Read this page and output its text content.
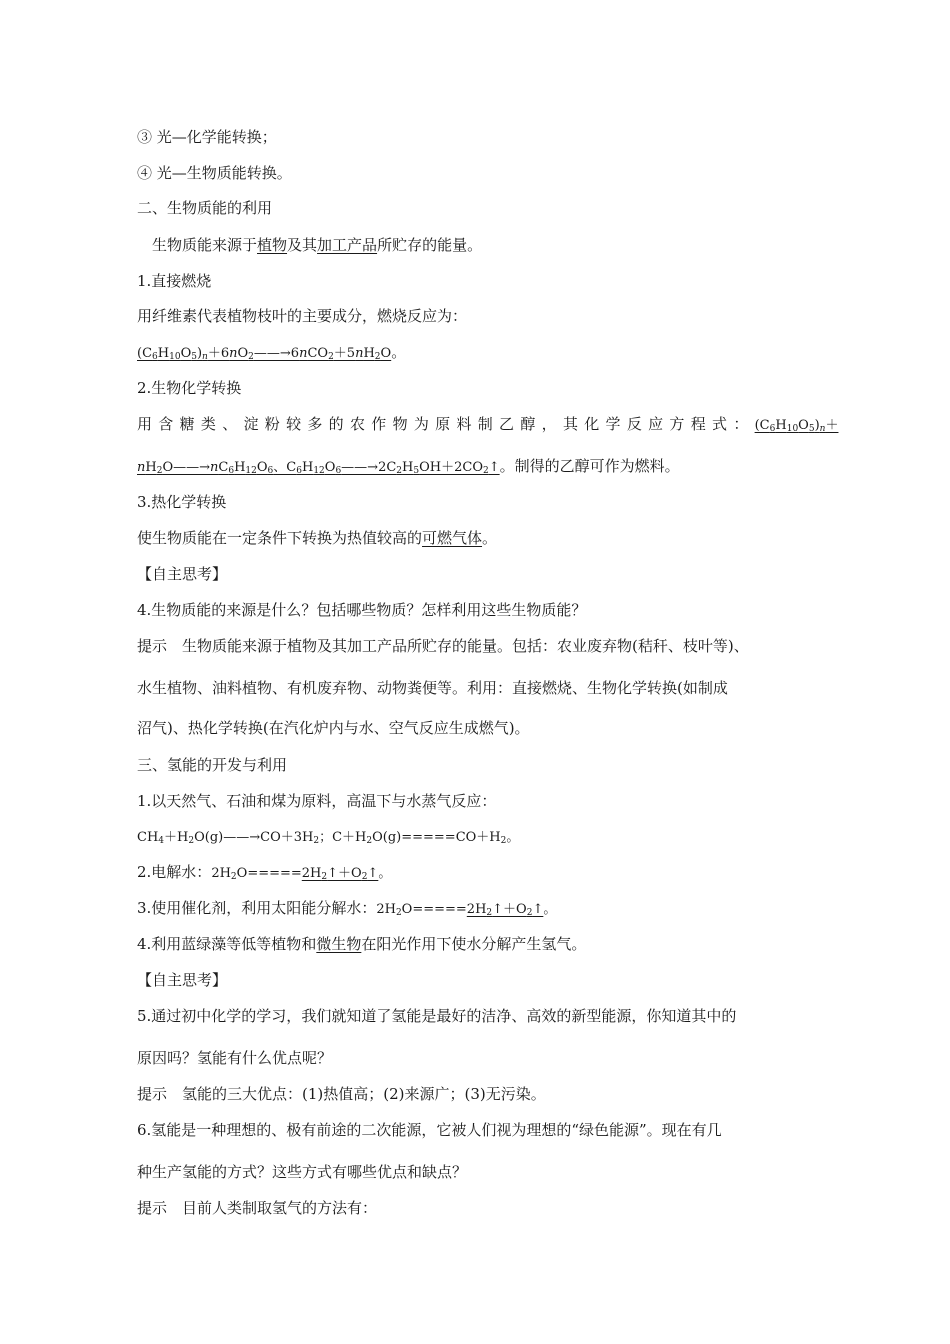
③ 光—化学能转换；
④ 光—生物质能转换。
二、生物质能的利用
生物质能来源于植物及其加工产品所贮存的能量。
1.直接燃烧
用纤维素代表植物枝叶的主要成分，燃烧反应为：
$(C_6H_{10}O_5)_n+6nO_2——\to 6nCO_2+5nH_2O$。
2.生物化学转换
用 含 糖 类 、 淀 粉 较 多 的 农 作 物 为 原 料 制 乙 醇 ， 其 化 学 反 应 方 程 式 ： $(C_6H_{10}O_5)_n+$
$nH_2O——\to nC_6H_{12}O_6$、$C_6H_{12}O_6——\to 2C_2H_5OH+2CO_2↑$。制得的乙醇可作为燃料。
3.热化学转换
使生物质能在一定条件下转换为热值较高的可燃气体。
【自主思考】
4.生物质能的来源是什么？包括哪些物质？怎样利用这些生物质能？
提示　生物质能来源于植物及其加工产品所贮存的能量。包括：农业废弃物(秸秆、枝叶等)、
水生植物、油料植物、有机废弃物、动物粪便等。利用：直接燃烧、生物化学转换(如制成
沼气)、热化学转换(在汽化炉内与水、空气反应生成燃气)。
三、氢能的开发与利用
1.以天然气、石油和煤为原料，高温下与水蒸气反应：
$CH_4+H_2O(g)——\to CO+3H_2$；$C+H_2O(g)=====CO+H_2$。
2.电解水：$2H_2O=====2H_2↑+O_2↑$。
3.使用催化剂，利用太阳能分解水：$2H_2O=====2H_2↑+O_2↑$。
4.利用蓝绿藻等低等植物和微生物在阳光作用下使水分解产生氢气。
【自主思考】
5.通过初中化学的学习，我们就知道了氢能是最好的洁净、高效的新型能源，你知道其中的
原因吗？氢能有什么优点呢？
提示　氢能的三大优点：(1)热值高；(2)来源广；(3)无污染。
6.氢能是一种理想的、极有前途的二次能源，它被人们视为理想的“绿色能源”。现在有几
种生产氢能的方式？这些方式有哪些优点和缺点？
提示　目前人类制取氢气的方法有：
